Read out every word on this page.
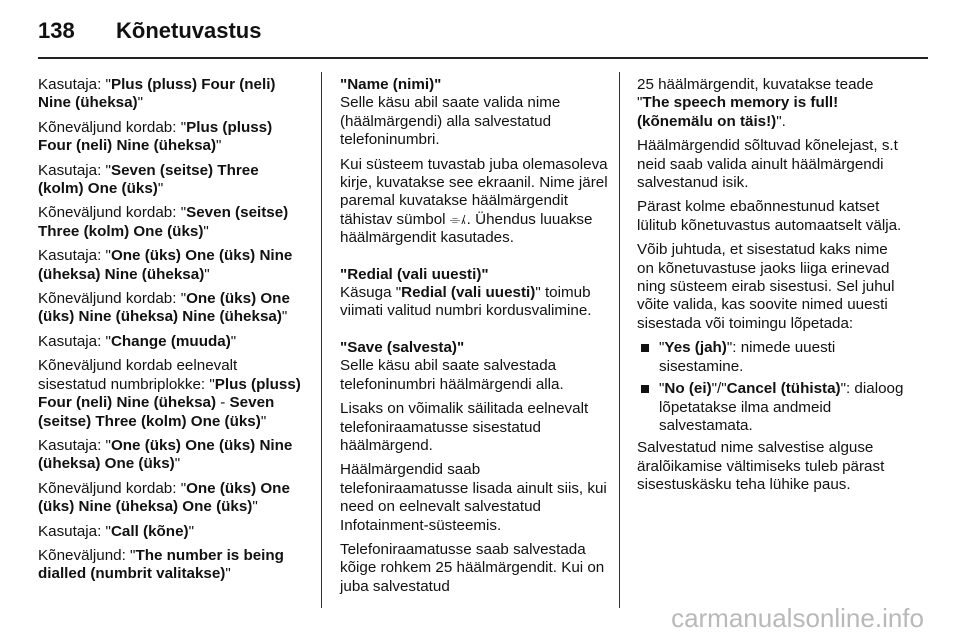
138 Kõnetuvastus

Kasutaja: "Plus (pluss) Four (neli) Nine (üheksa)"

Kõneväljund kordab: "Plus (pluss) Four (neli) Nine (üheksa)"

Kasutaja: "Seven (seitse) Three (kolm) One (üks)"

Kõneväljund kordab: "Seven (seitse) Three (kolm) One (üks)"

Kasutaja: "One (üks) One (üks) Nine (üheksa) Nine (üheksa)"

Kõneväljund kordab: "One (üks) One (üks) Nine (üheksa) Nine (üheksa)"

Kasutaja: "Change (muuda)"

Kõneväljund kordab eelnevalt sisestatud numbriplokke: "Plus (pluss) Four (neli) Nine (üheksa) - Seven (seitse) Three (kolm) One (üks)"

Kasutaja: "One (üks) One (üks) Nine (üheksa) One (üks)"

Kõneväljund kordab: "One (üks) One (üks) Nine (üheksa) One (üks)"

Kasutaja: "Call (kõne)"

Kõneväljund: "The number is being dialled (numbrit valitakse)"

"Name (nimi)"

Selle käsu abil saate valida nime (häälmärgendi) alla salvestatud telefoninumbri.

Kui süsteem tuvastab juba olemasoleva kirje, kuvatakse see ekraanil. Nime järel paremal kuvatakse häälmärgendit tähistav sümbol ⌯⁁. Ühendus luuakse häälmärgendit kasutades.

"Redial (vali uuesti)"

Käsuga "Redial (vali uuesti)" toimub viimati valitud numbri kordusvalimine.

"Save (salvesta)"

Selle käsu abil saate salvestada telefoninumbri häälmärgendi alla.

Lisaks on võimalik säilitada eelnevalt telefoniraamatusse sisestatud häälmärgend.

Häälmärgendid saab telefoniraamatusse lisada ainult siis, kui need on eelnevalt salvestatud Infotainment-süsteemis.

Telefoniraamatusse saab salvestada kõige rohkem 25 häälmärgendit. Kui on juba salvestatud

25 häälmärgendit, kuvatakse teade "The speech memory is full! (kõnemälu on täis!)".

Häälmärgendid sõltuvad kõnelejast, s.t neid saab valida ainult häälmärgendi salvestanud isik.

Pärast kolme ebaõnnestunud katset lülitub kõnetuvastus automaatselt välja.

Võib juhtuda, et sisestatud kaks nime on kõnetuvastuse jaoks liiga erinevad ning süsteem eirab sisestusi. Sel juhul võite valida, kas soovite nimed uuesti sisestada või toimingu lõpetada:

"Yes (jah)": nimede uuesti sisestamine.
"No (ei)"/"Cancel (tühista)": dialoog lõpetatakse ilma andmeid salvestamata.

Salvestatud nime salvestise alguse äralõikamise vältimiseks tuleb pärast sisestuskäsku teha lühike paus.

carmanualsonline.info
